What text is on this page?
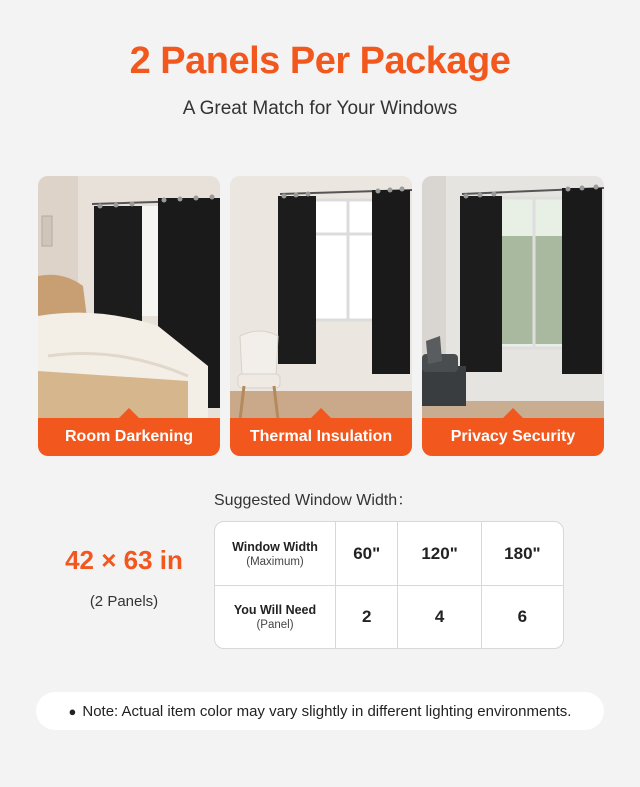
2 Panels Per Package
A Great Match for Your Windows
Room Darkening	Thermal Insulation	Privacy Security
Suggested Window Width：
42 × 63 in
(2 Panels)
Window Width
(Maximum)	60"	120"	180"

You Will Need
(Panel)	2	4	6
● Note: Actual item color may vary slightly in different lighting environments.
